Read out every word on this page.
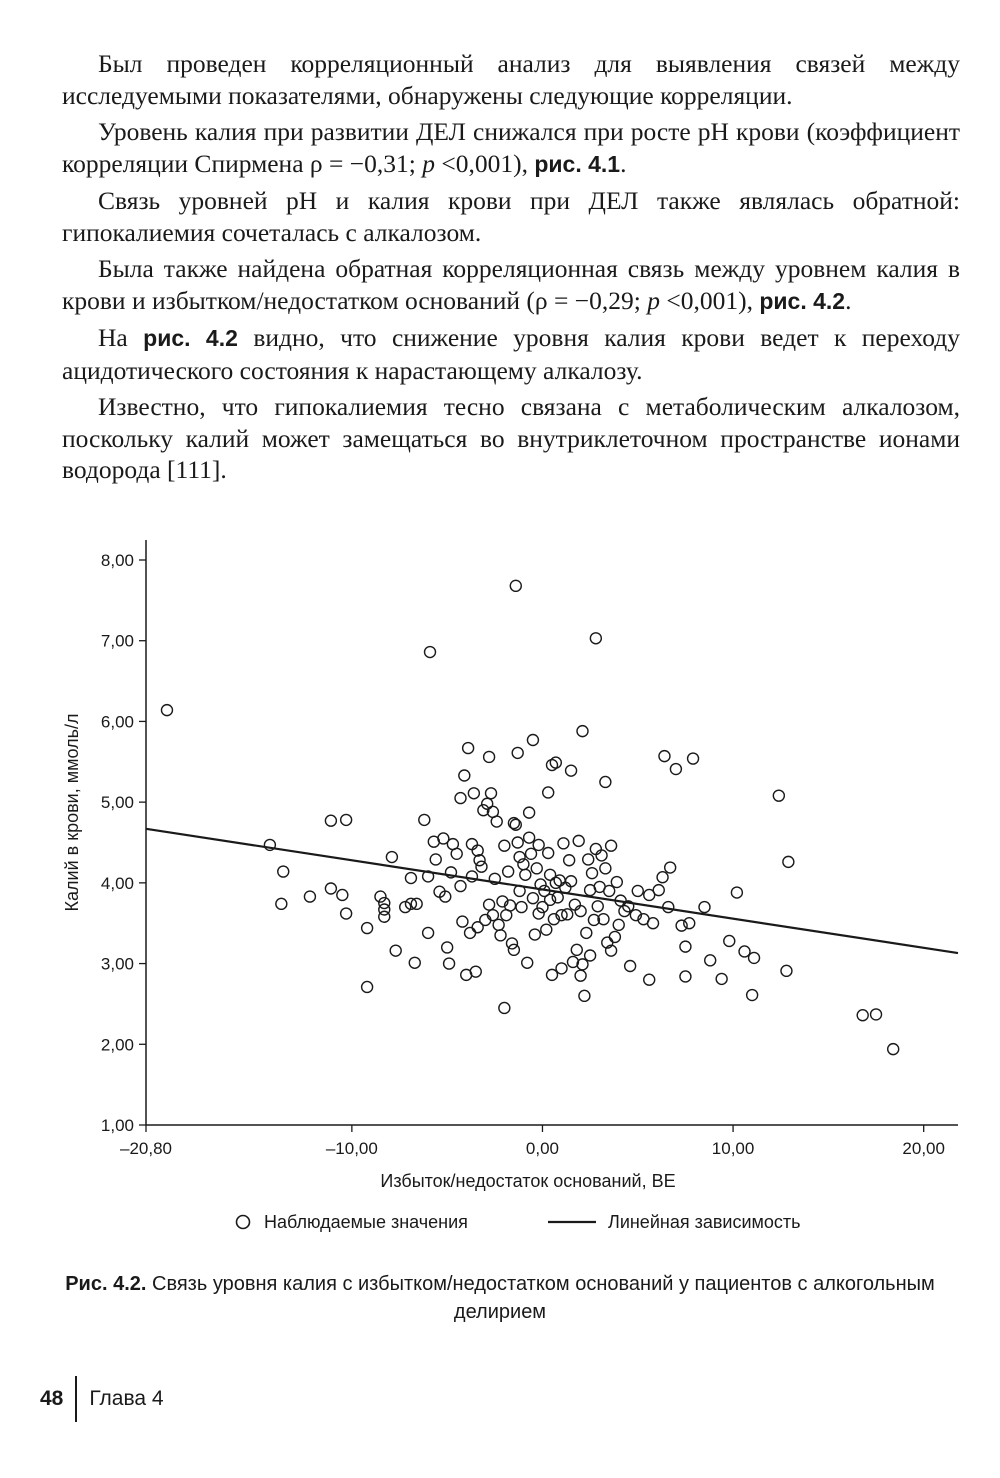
Был проведен корреляционный анализ для выявления связей между исследуемыми показателями, обнаружены следующие корреляции.

Уровень калия при развитии ДЕЛ снижался при росте рН крови (коэффициент корреляции Спирмена ρ = −0,31; p <0,001), рис. 4.1.

Связь уровней рН и калия крови при ДЕЛ также являлась обратной: гипокалиемия сочеталась с алкалозом.

Была также найдена обратная корреляционная связь между уровнем калия в крови и избытком/недостатком оснований (ρ = −0,29; p <0,001), рис. 4.2.

На рис. 4.2 видно, что снижение уровня калия крови ведет к переходу ацидотического состояния к нарастающему алкалозу.

Известно, что гипокалиемия тесно связана с метаболическим алкалозом, поскольку калий может замещаться во внутриклеточном пространстве ионами водорода [111].

1,00
2,00
3,00
4,00
5,00
6,00
7,00
8,00
–20,80	–10,00	0,00	10,00	20,00
Калий в крови, ммоль/л
Избыток/недостаток оснований, BE
Наблюдаемые значения	Линейная зависимость
Рис. 4.2. Связь уровня калия с избытком/недостатком оснований у пациентов с алкогольным делирием
48 Глава 4
